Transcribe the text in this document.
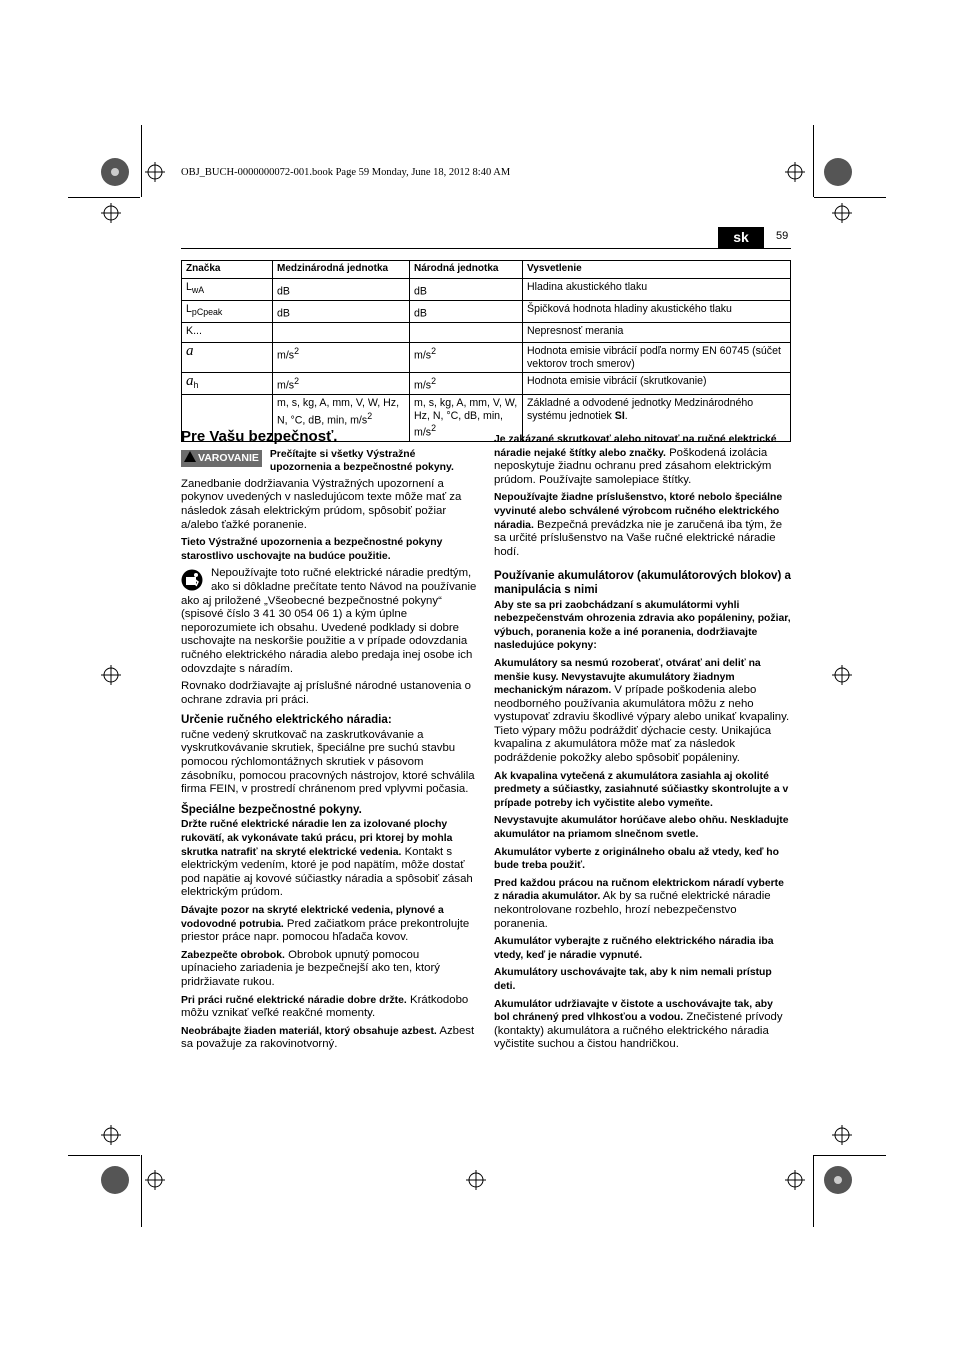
OBJ_BUCH-0000000072-001.book Page 59 Monday, June 18, 2012 8:40 AM
sk	59
Značka	Medzinárodná jednotka	Národná jednotka	Vysvetlenie
$L_{wA}$	dB	dB	Hladina akustického tlaku
$L_{pCpeak}$	dB	dB	Špičková hodnota hladiny akustického tlaku
K...			Nepresnosť merania
a	$m/s^2$	$m/s^2$	Hodnota emisie vibrácií podľa normy EN 60745 (súčet vektorov troch smerov)
$a_h$	$m/s^2$	$m/s^2$	Hodnota emisie vibrácií (skrutkovanie)
	m, s, kg, A, mm, V, W, Hz, N, °C, dB, min, $m/s^2$	m, s, kg, A, mm, V, W, Hz, N, °C, dB, min, $m/s^2$	Základné a odvodené jednotky Medzinárodného systému jednotiek SI.
Pre Vašu bezpečnosť.
VAROVANIE Prečítajte si všetky Výstražné upozornenia a bezpečnostné pokyny.

Zanedbanie dodržiavania Výstražných upozornení a pokynov uvedených v nasledujúcom texte môže mať za následok zásah elektrickým prúdom, spôsobiť požiar a/alebo ťažké poranenie.

Tieto Výstražné upozornenia a bezpečnostné pokyny starostlivo uschovajte na budúce použitie.

Nepoužívajte toto ručné elektrické náradie predtým, ako si dôkladne prečítate tento Návod na používanie ako aj priložené „Všeobecné bezpečnostné pokyny“ (spisové číslo 3 41 30 054 06 1) a kým úplne neporozumiete ich obsahu. Uvedené podklady si dobre uschovajte na neskoršie použitie a v prípade odovzdania ručného elektrického náradia alebo predaja inej osobe ich odovzdajte s náradím.

Rovnako dodržiavajte aj príslušné národné ustanovenia o ochrane zdravia pri práci.

Určenie ručného elektrického náradia:

ručne vedený skrutkovač na zaskrutkovávanie a vyskrutkovávanie skrutiek, špeciálne pre suchú stavbu pomocou rýchlomontážnych skrutiek v pásovom zásobníku, pomocou pracovných nástrojov, ktoré schválila firma FEIN, v prostredí chránenom pred vplyvmi počasia.

Špeciálne bezpečnostné pokyny.

Držte ručné elektrické náradie len za izolované plochy rukovätí, ak vykonávate takú prácu, pri ktorej by mohla skrutka natrafiť na skryté elektrické vedenia. Kontakt s elektrickým vedením, ktoré je pod napätím, môže dostať pod napätie aj kovové súčiastky náradia a spôsobiť zásah elektrickým prúdom.

Dávajte pozor na skryté elektrické vedenia, plynové a vodovodné potrubia. Pred začiatkom práce prekontrolujte priestor práce napr. pomocou hľadača kovov.

Zabezpečte obrobok. Obrobok upnutý pomocou upínacieho zariadenia je bezpečnejší ako ten, ktorý pridržiavate rukou.

Pri práci ručné elektrické náradie dobre držte. Krátkodobo môžu vznikať veľké reakčné momenty.

Neobrábajte žiaden materiál, ktorý obsahuje azbest. Azbest sa považuje za rakovinotvorný.

Je zakázané skrutkovať alebo nitovať na ručné elektrické náradie nejaké štítky alebo značky. Poškodená izolácia neposkytuje žiadnu ochranu pred zásahom elektrickým prúdom. Používajte samolepiace štítky.

Nepoužívajte žiadne príslušenstvo, ktoré nebolo špeciálne vyvinuté alebo schválené výrobcom ručného elektrického náradia. Bezpečná prevádzka nie je zaručená iba tým, že sa určité príslušenstvo na Vaše ručné elektrické náradie hodí.

Používanie akumulátorov (akumulátorových blokov) a manipulácia s nimi

Aby ste sa pri zaobchádzaní s akumulátormi vyhli nebezpečenstvám ohrozenia zdravia ako popáleniny, požiar, výbuch, poranenia kože a iné poranenia, dodržiavajte nasledujúce pokyny:

Akumulátory sa nesmú rozoberať, otvárať ani deliť na menšie kusy. Nevystavujte akumulátory žiadnym mechanickým nárazom. V prípade poškodenia alebo neodborného používania akumulátora môžu z neho vystupovať zdraviu škodlivé výpary alebo unikať kvapaliny. Tieto výpary môžu podráždiť dýchacie cesty. Unikajúca kvapalina z akumulátora môže mať za následok podráždenie pokožky alebo spôsobiť popáleniny.

Ak kvapalina vytečená z akumulátora zasiahla aj okolité predmety a súčiastky, zasiahnuté súčiastky skontrolujte a v prípade potreby ich vyčistite alebo vymeňte.

Nevystavujte akumulátor horúčave alebo ohňu. Neskladujte akumulátor na priamom slnečnom svetle.

Akumulátor vyberte z originálneho obalu až vtedy, keď ho bude treba použiť.

Pred každou prácou na ručnom elektrickom náradí vyberte z náradia akumulátor. Ak by sa ručné elektrické náradie nekontrolovane rozbehlo, hrozí nebezpečenstvo poranenia.

Akumulátor vyberajte z ručného elektrického náradia iba vtedy, keď je náradie vypnuté.

Akumulátory uschovávajte tak, aby k nim nemali prístup deti.

Akumulátor udržiavajte v čistote a uschovávajte tak, aby bol chránený pred vlhkosťou a vodou. Znečistené prívody (kontakty) akumulátora a ručného elektrického náradia vyčistite suchou a čistou handričkou.
